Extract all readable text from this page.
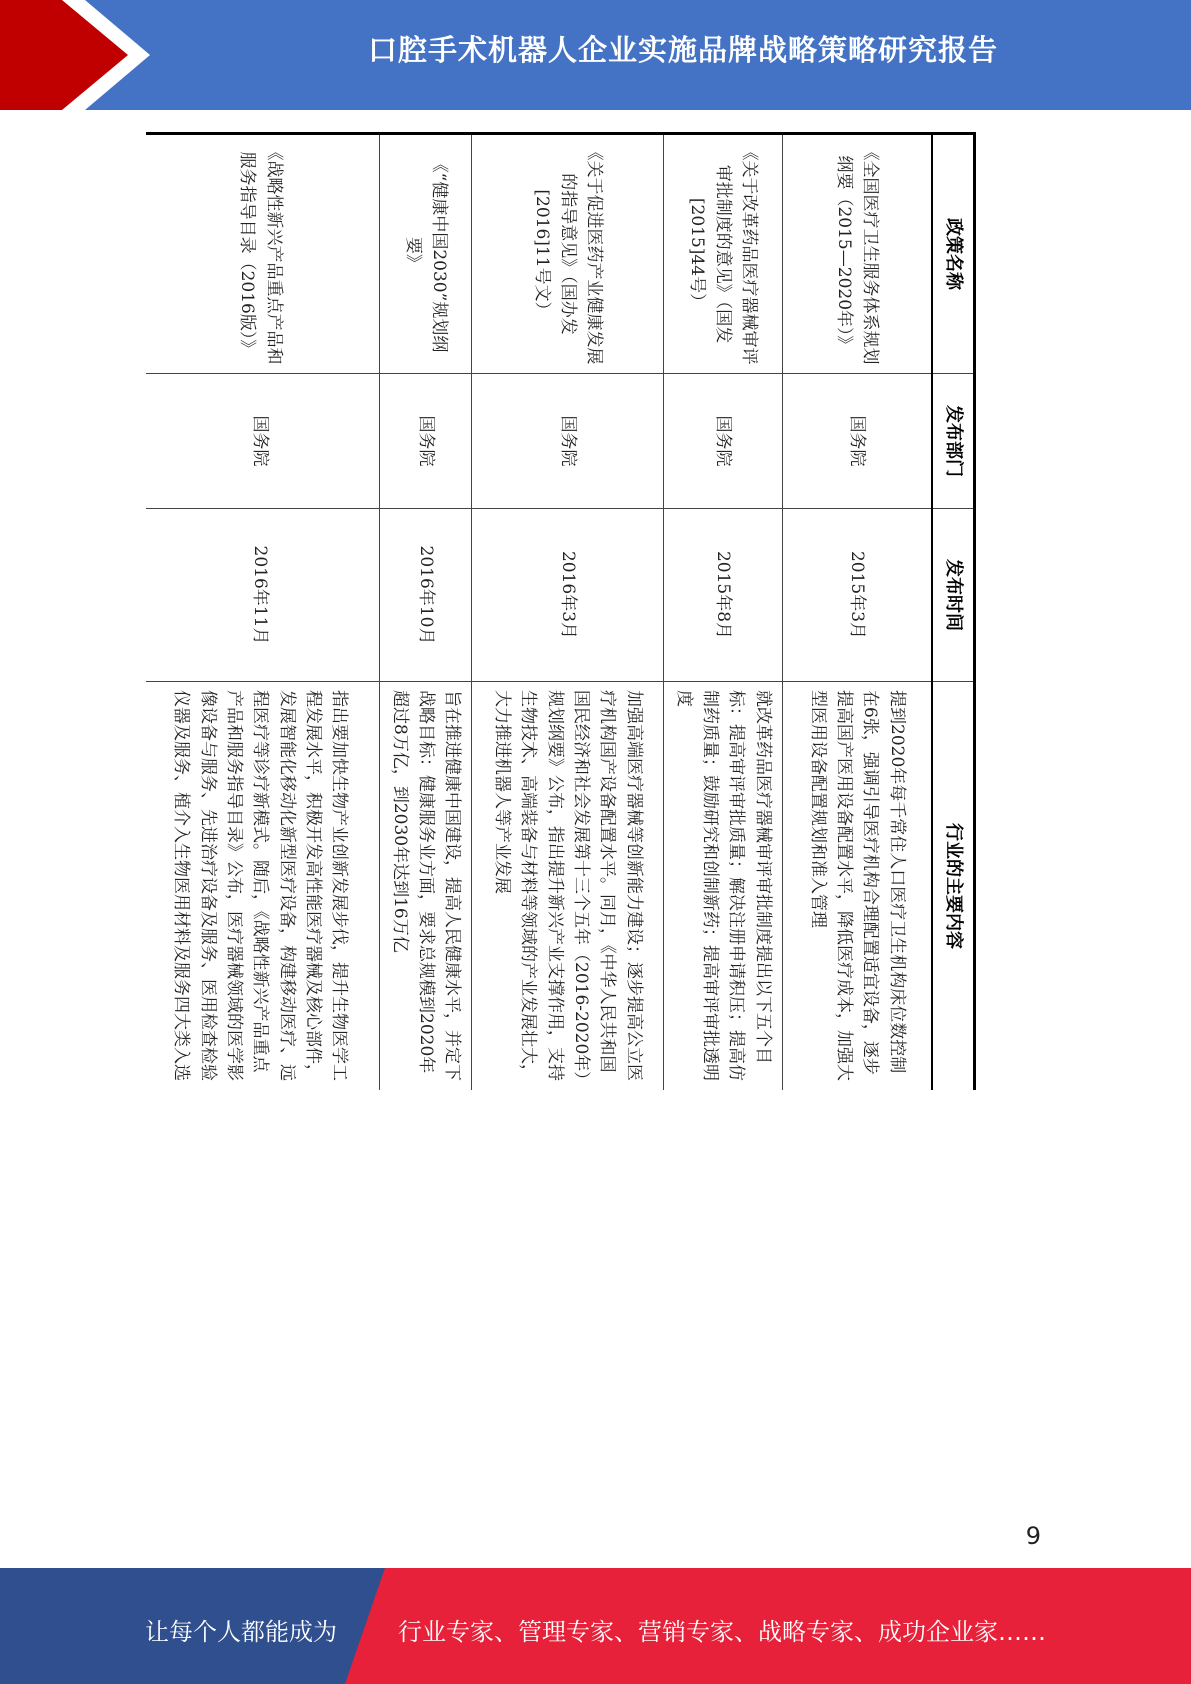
口腔手术机器人企业实施品牌战略策略研究报告
政策名称	发布部门	发布时间	行业的主要内容
《全国医疗卫生服务体系规划纲要（2015—2020年）》	国务院	2015年3月	提到2020年每千常住人口医疗卫生机构床位数控制在6张，强调引导医疗机构合理配置适宜设备，逐步提高国产医用设备配置水平，降低医疗成本，加强大型医用设备配置规划和准入管理
《关于改革药品医疗器械审评审批制度的意见》（国发[2015]44号）	国务院	2015年8月	就改革药品医疗器械审评审批制度提出以下五个目标：提高审评审批质量；解决注册申请积压；提高仿制药质量；鼓励研究和创制新药；提高审评审批透明度
《关于促进医药产业健康发展的指导意见》（国办发[2016]11号文）	国务院	2016年3月	加强高端医疗器械等创新能力建设；逐步提高公立医疗机构国产设备配置水平。同月，《中华人民共和国国民经济和社会发展第十三个五年（2016-2020年）规划纲要》公布，指出提升新兴产业支撑作用，支持生物技术、高端装备与材料等领域的产业发展壮大，大力推进机器人等产业发展
《“健康中国2030”规划纲要》	国务院	2016年10月	旨在推进健康中国建设，提高人民健康水平，并定下战略目标：健康服务业方面，要求总规模到2020年超过8万亿，到2030年达到16万亿
《战略性新兴产品重点产品和服务指导目录（2016版）》	国务院	2016年11月	指出要加快生物产业创新发展步伐，提升生物医学工程发展水平，积极开发高性能医疗器械及核心部件，发展智能化移动化新型医疗设备，构建移动医疗、远程医疗等诊疗新模式。随后，《战略性新兴产品重点产品和服务指导目录》公布，医疗器械领域的医学影像设备与服务、先进治疗设备及服务、医用检查检验仪器及服务、植介入生物医用材料及服务四大类入选
9
让每个人都能成为	行业专家、管理专家、营销专家、战略专家、成功企业家……
